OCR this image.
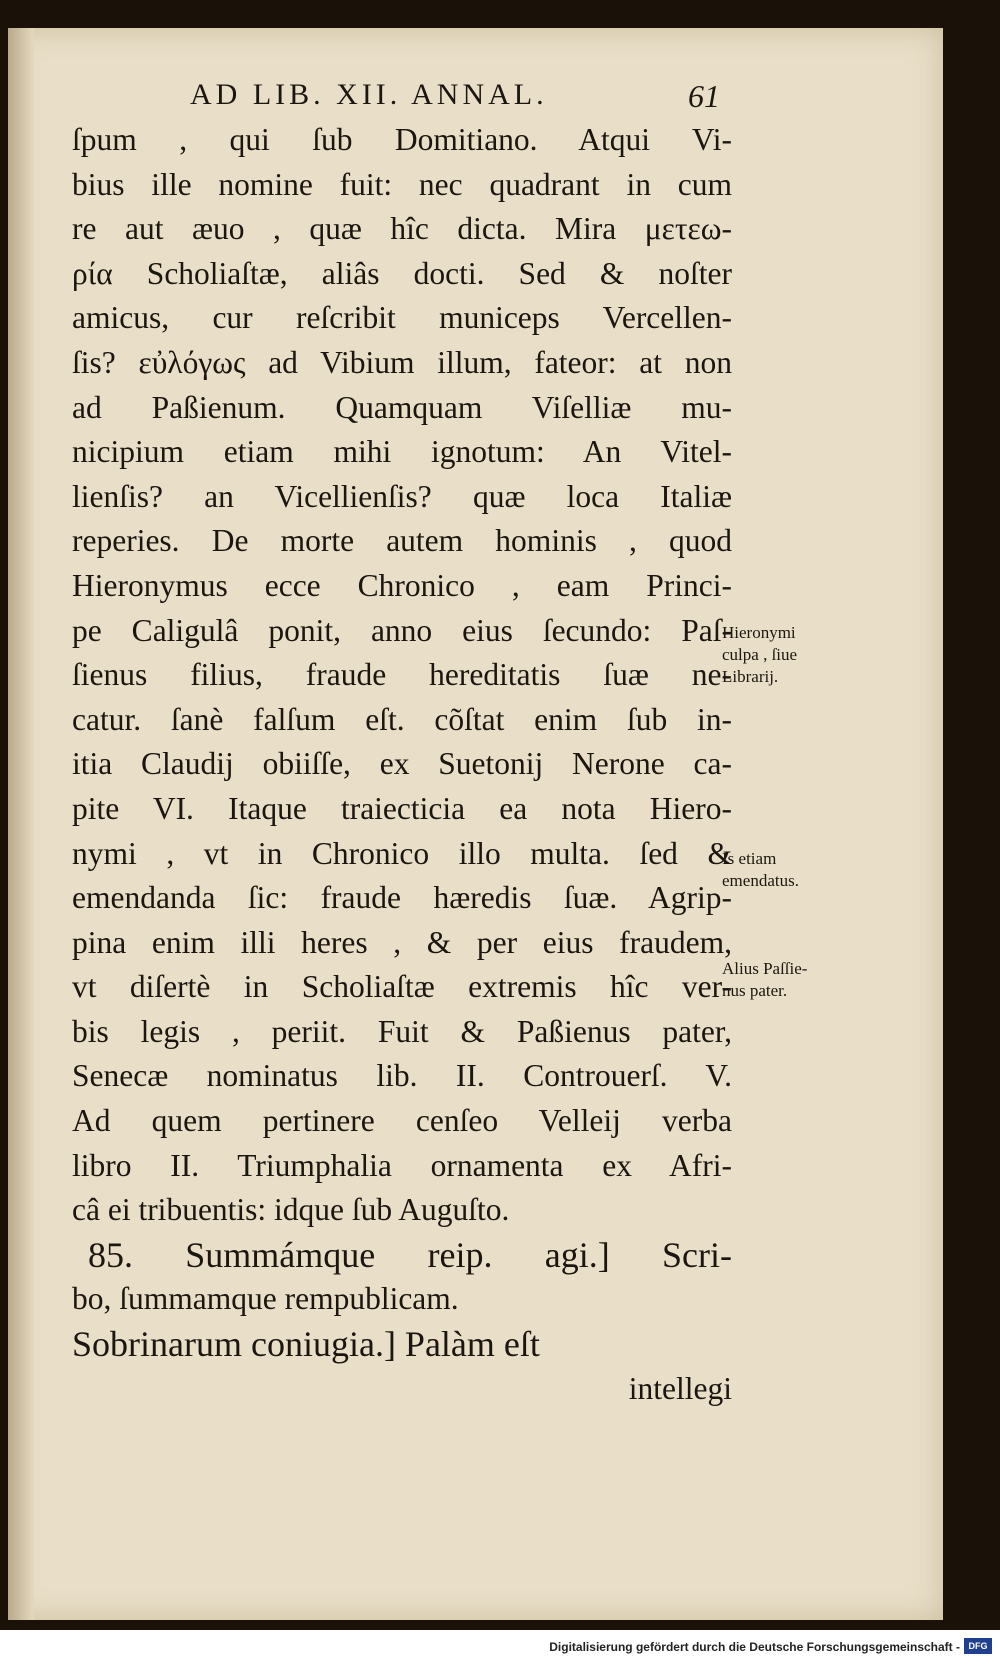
AD LIB. XII. ANNAL.	61
ſpum , qui ſub Domitiano. Atqui Vi-
bius ille nomine fuit: nec quadrant in cum
re aut æuo , quæ hîc dicta. Mira μετεω-
ρία Scholiaſtæ, aliâs docti. Sed & noſter
amicus, cur reſcribit municeps Vercellen-
ſis? εὐλόγως ad Vibium illum, fateor: at non
ad Paßienum. Quamquam Viſelliæ mu-
nicipium etiam mihi ignotum: An Vitel-
lienſis? an Vicellienſis? quæ loca Italiæ
reperies. De morte autem hominis , quod
Hieronymus ecce Chronico , eam Princi-
pe Caligulâ ponit, anno eius ſecundo: Paſ-
ſienus filius, fraude hereditatis ſuæ ne-
catur. ſanè falſum eſt. cõſtat enim ſub in-
itia Claudij obiiſſe, ex Suetonij Nerone ca-
pite VI. Itaque traiecticia ea nota Hiero-
nymi , vt in Chronico illo multa. ſed &
emendanda ſic: fraude hæredis ſuæ. Agrip-
pina enim illi heres , & per eius fraudem,
vt diſertè in Scholiaſtæ extremis hîc ver-
bis legis , periit. Fuit & Paßienus pater,
Senecæ nominatus lib. II. Controuerſ. V.
Ad quem pertinere cenſeo Velleij verba
libro II. Triumphalia ornamenta ex Afri-
câ ei tribuentis: idque ſub Auguſto.
85. Summámque reip. agi.] Scri-
bo, ſummamque rempublicam.
Sobrinarum coniugia.] Palàm eſt
intellegi
Hieronymi culpa , ſiue Librarij.
Is etiam emendatus.
Alius Paſſie- nus pater.
Digitalisierung gefördert durch die Deutsche Forschungsgemeinschaft - DFG
